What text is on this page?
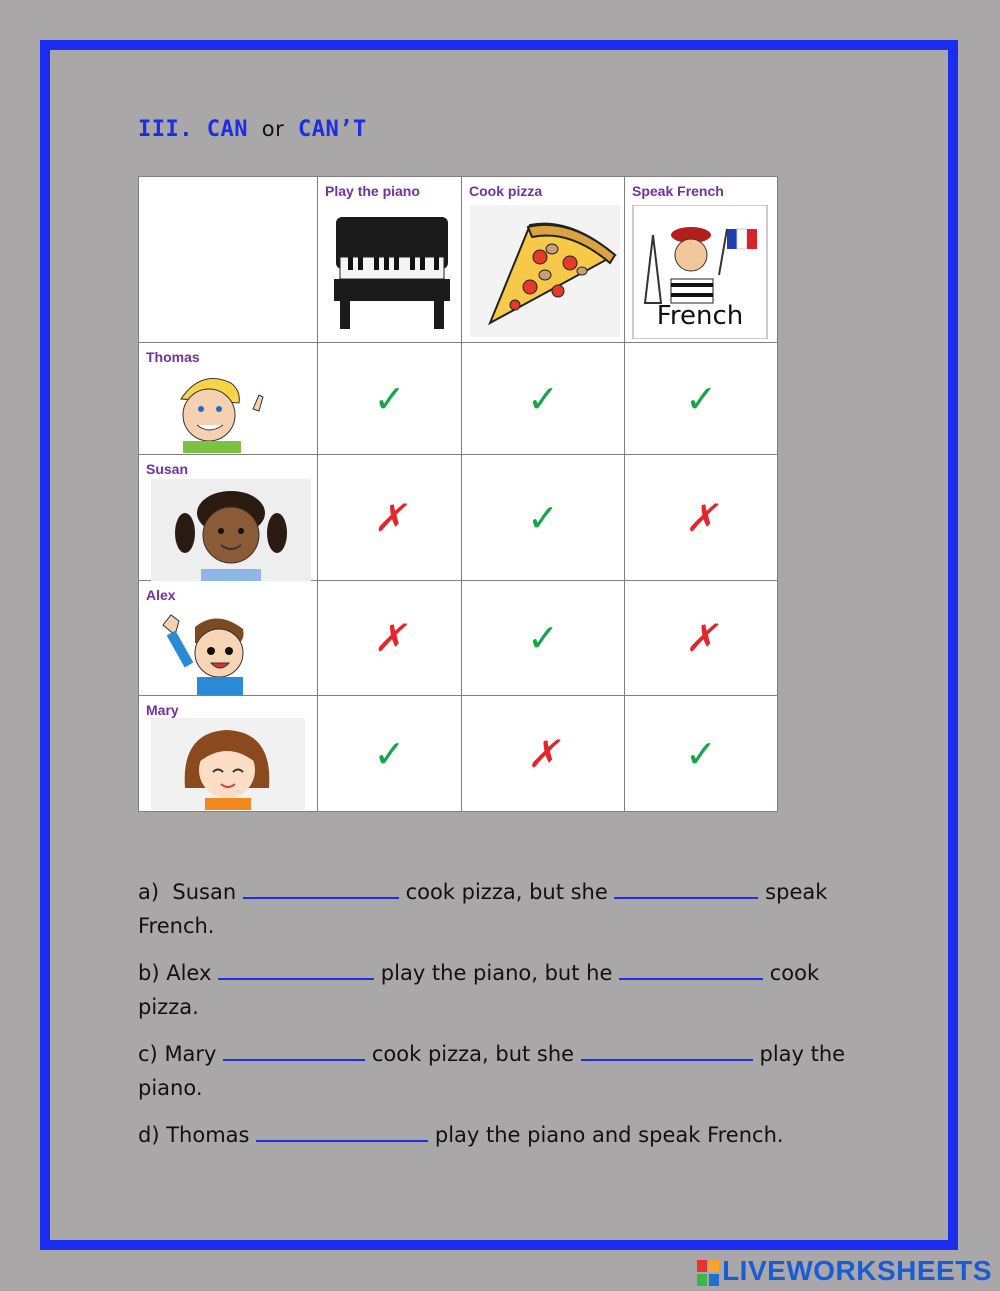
III. CAN or CAN’T

	Play the piano	Cook pizza	Speak French
French

Thomas	✓	✓	✓

Susan	✗	✓	✗

Alex	✗	✓	✗

Mary	✓	✗	✓
a) Susan	cook pizza, but she	speak French.
b) Alex	play the piano, but he	cook pizza.
c) Mary	cook pizza, but she	play the piano.
d) Thomas	play the piano and speak French.
LIVEWORKSHEETS
